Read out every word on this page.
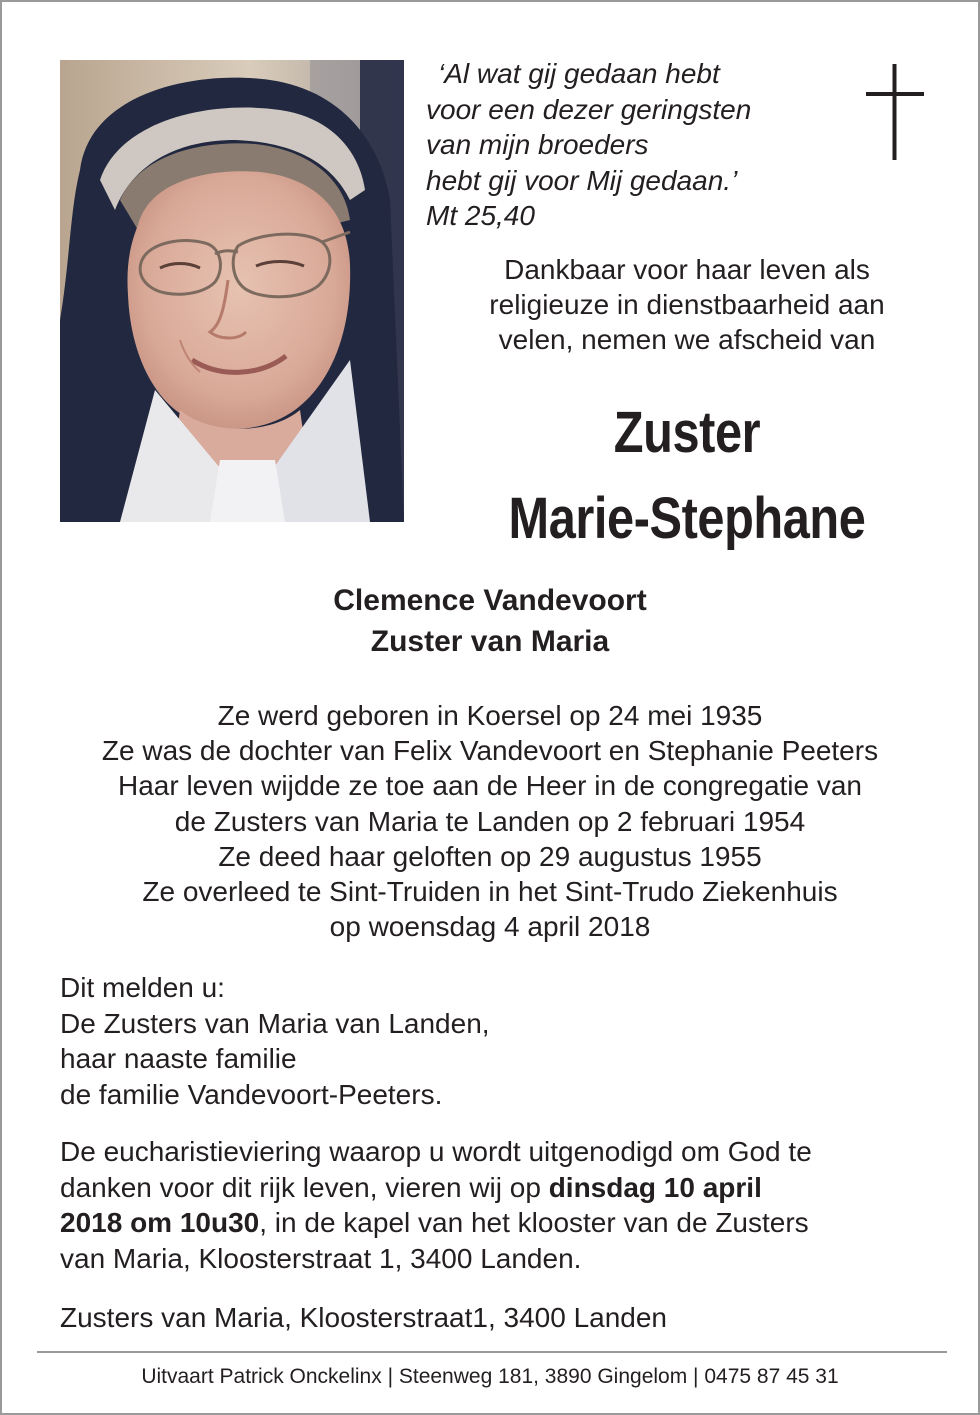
‘Al wat gij gedaan hebt
voor een dezer geringsten
van mijn broeders
hebt gij voor Mij gedaan.’
Mt 25,40
Dankbaar voor haar leven als
religieuze in dienstbaarheid aan
velen, nemen we afscheid van
Zuster
Marie-Stephane
Clemence Vandevoort
Zuster van Maria
Ze werd geboren in Koersel op 24 mei 1935
Ze was de dochter van Felix Vandevoort en Stephanie Peeters
Haar leven wijdde ze toe aan de Heer in de congregatie van
de Zusters van Maria te Landen op 2 februari 1954
Ze deed haar geloften op 29 augustus 1955
Ze overleed te Sint-Truiden in het Sint-Trudo Ziekenhuis
op woensdag 4 april 2018
Dit melden u:
De Zusters van Maria van Landen,
haar naaste familie
de familie Vandevoort-Peeters.
De eucharistieviering waarop u wordt uitgenodigd om God te
danken voor dit rijk leven, vieren wij op dinsdag 10 april
2018 om 10u30, in de kapel van het klooster van de Zusters
van Maria, Kloosterstraat 1, 3400 Landen.
Zusters van Maria, Kloosterstraat1, 3400 Landen
Uitvaart Patrick Onckelinx | Steenweg 181, 3890 Gingelom | 0475 87 45 31
